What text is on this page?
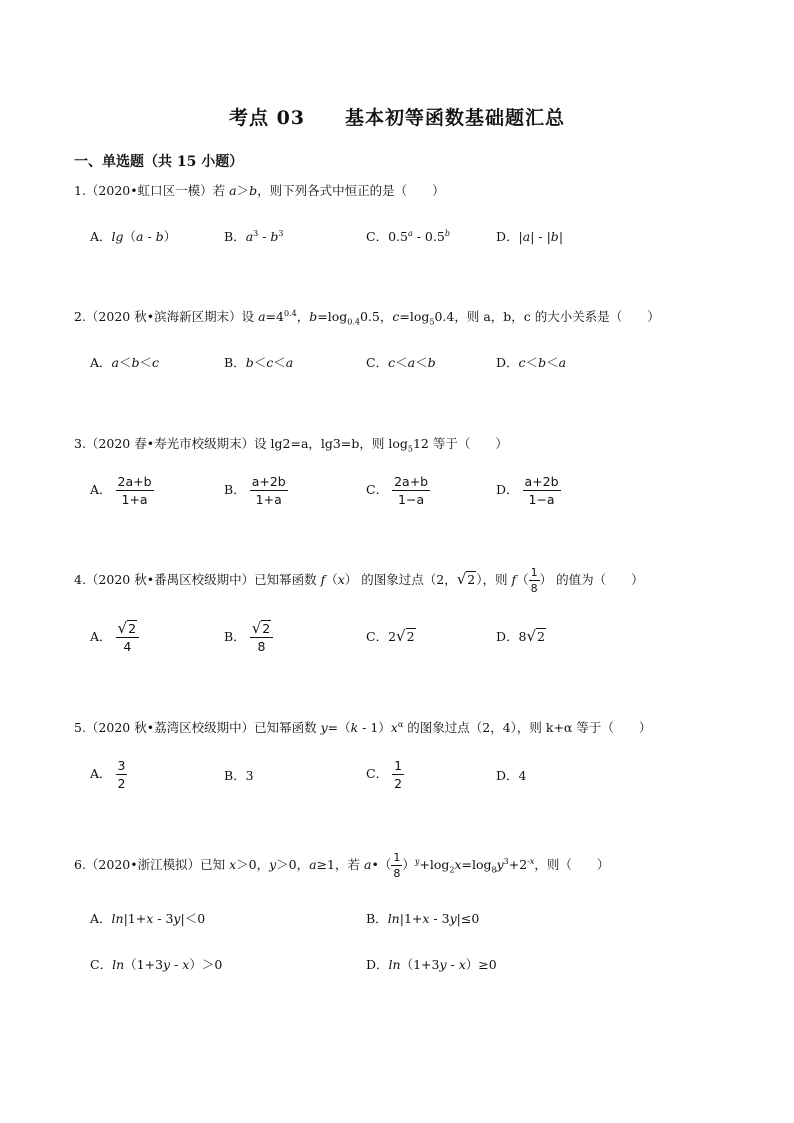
考点 03　　基本初等函数基础题汇总
一、单选题（共 15 小题）
1.（2020•虹口区一模）若 a＞b，则下列各式中恒正的是（　　）
A．lg（a - b）	B．$a^3 - b^3$	C．0.5$^a$ - 0.5$^b$	D．|a| - |b|
2.（2020 秋•滨海新区期末）设 $a=4^{0.4}$，$b=\log_{0.4}0.5$，$c=\log_50.4$，则 a，b，c 的大小关系是（　　）
A．a＜b＜c	B．b＜c＜a	C．c＜a＜b	D．c＜b＜a
3.（2020 春•寿光市校级期末）设 lg2=a，lg3=b，则 $\log_512$ 等于（　　）
A． $\frac{2a+b}{1+a}$	B． $\frac{a+2b}{1+a}$	C． $\frac{2a+b}{1-a}$	D． $\frac{a+2b}{1-a}$
4.（2020 秋•番禺区校级期中）已知幂函数 f（x） 的图象过点（2， √ 2 ），则 $f( \frac{1}{8}$ ） 的值为（　　）
A． $\frac{√ 2}{4}$	B． $\frac{√ 2}{8}$	C．2 √ 2	D．8 √ 2
5.（2020 秋•荔湾区校级期中）已知幂函数 $y=(k - 1)x^\alpha$ 的图象过点（2，4），则 k+α 等于（　　）
A． $\frac{3}{2}$	B．3	C． $\frac{1}{2}$	D．4
6.（2020•浙江模拟）已知 x＞0，y＞0，a≥1，若 a•（ $\frac{1}{8} )^y+\log_2x=\log_8y^3+2^{-x}$，则（　　）
A．ln|1+x - 3y|＜0	B．ln|1+x - 3y|≤0
C．ln（1+3y - x）＞0	D．ln（1+3y - x）≥0
